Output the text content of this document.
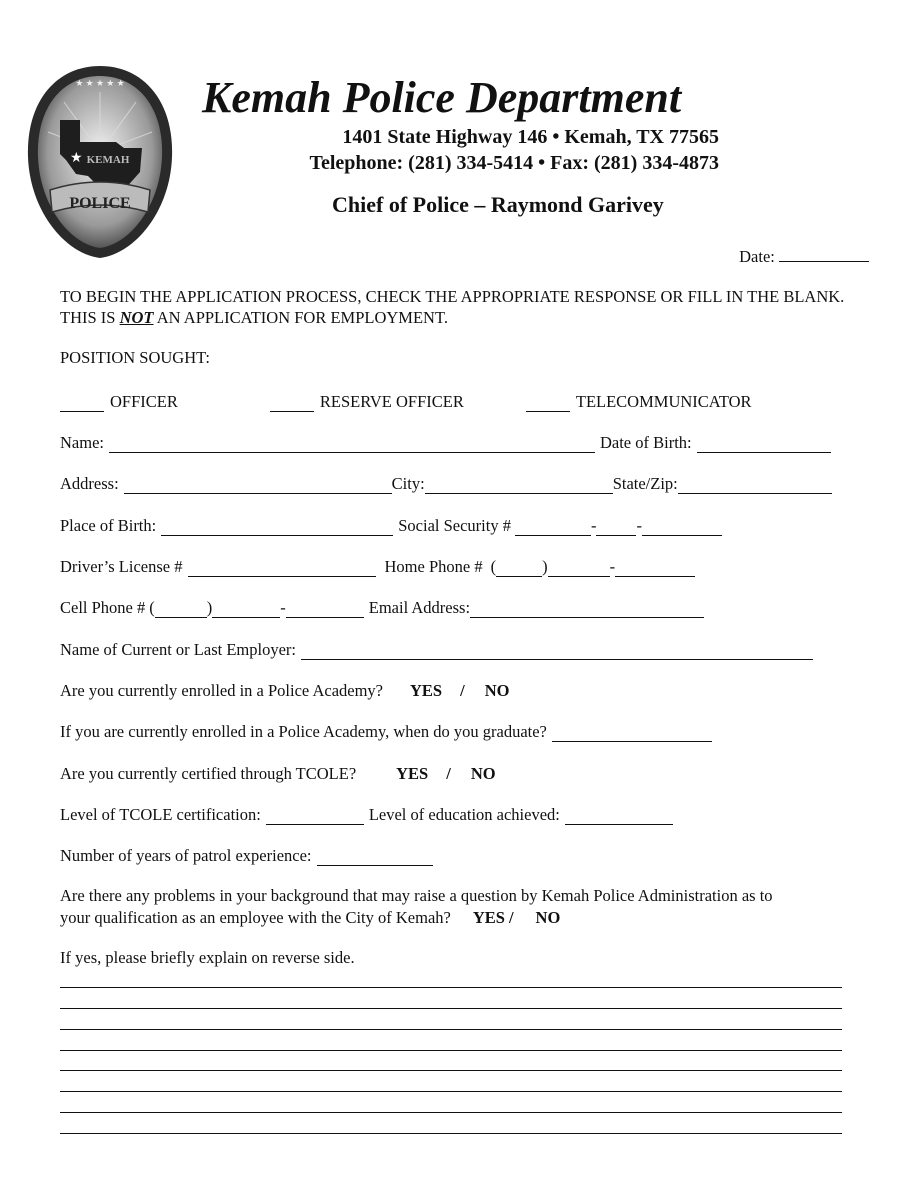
★ ★ ★ ★ ★
★ KEMAH
POLICE
Kemah Police Department
1401 State Highway 146 • Kemah, TX 77565
Telephone: (281) 334-5414 • Fax: (281) 334-4873
Chief of Police – Raymond Garivey
Date:
TO BEGIN THE APPLICATION PROCESS, CHECK THE APPROPRIATE RESPONSE OR FILL IN THE BLANK. THIS IS NOT AN APPLICATION FOR EMPLOYMENT.
POSITION SOUGHT:
OFFICER	RESERVE OFFICER	TELECOMMUNICATOR
Name:	Date of Birth:
Address:	City:	State/Zip:
Place of Birth:	Social Security #	- -
Driver’s License #	Home Phone # (	)	-
Cell Phone # (	)	-	Email Address:
Name of Current or Last Employer:
Are you currently enrolled in a Police Academy? YES / NO
If you are currently enrolled in a Police Academy, when do you graduate?
Are you currently certified through TCOLE? YES / NO
Level of TCOLE certification:	Level of education achieved:
Number of years of patrol experience:
Are there any problems in your background that may raise a question by Kemah Police Administration as to
your qualification as an employee with the City of Kemah? YES / NO
If yes, please briefly explain on reverse side.
